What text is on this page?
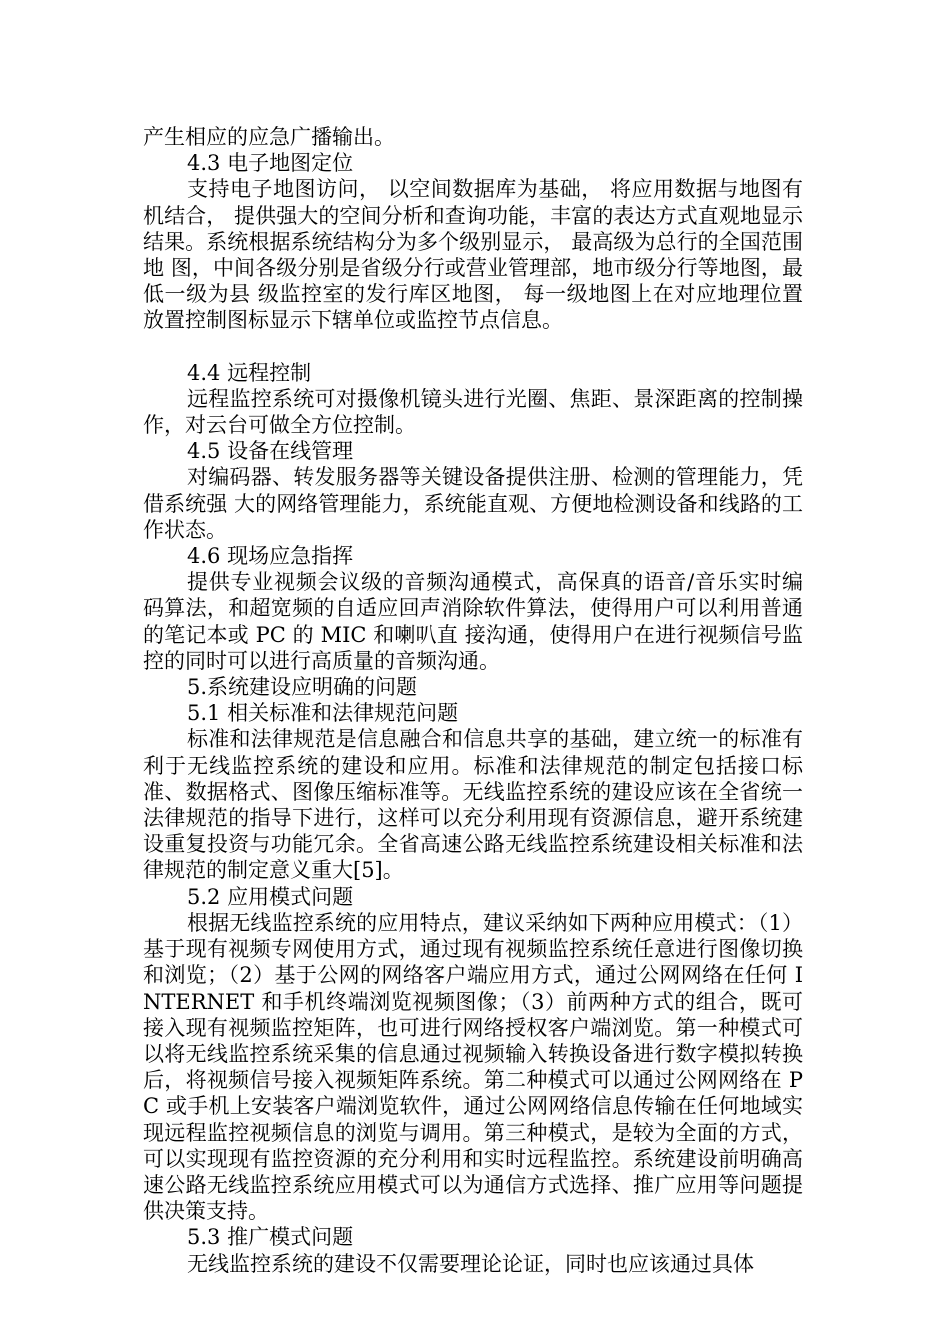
产生相应的应急广播输出。

4.3 电子地图定位

支持电子地图访问， 以空间数据库为基础， 将应用数据与地图有机结合， 提供强大的空间分析和查询功能，丰富的表达方式直观地显示结果。系统根据系统结构分为多个级别显示， 最高级为总行的全国范围地 图，中间各级分别是省级分行或营业管理部，地市级分行等地图，最低一级为县 级监控室的发行库区地图， 每一级地图上在对应地理位置放置控制图标显示下辖单位或监控节点信息。

4.4 远程控制

远程监控系统可对摄像机镜头进行光圈、焦距、景深距离的控制操作，对云台可做全方位控制。

4.5 设备在线管理

对编码器、转发服务器等关键设备提供注册、检测的管理能力，凭借系统强 大的网络管理能力，系统能直观、方便地检测设备和线路的工作状态。

4.6 现场应急指挥

提供专业视频会议级的音频沟通模式，高保真的语音/音乐实时编码算法，和超宽频的自适应回声消除软件算法，使得用户可以利用普通的笔记本或 PC 的 MIC 和喇叭直 接沟通，使得用户在进行视频信号监控的同时可以进行高质量的音频沟通。

5.系统建设应明确的问题

5.1 相关标准和法律规范问题

标准和法律规范是信息融合和信息共享的基础，建立统一的标准有利于无线监控系统的建设和应用。标准和法律规范的制定包括接口标准、数据格式、图像压缩标准等。无线监控系统的建设应该在全省统一法律规范的指导下进行，这样可以充分利用现有资源信息，避开系统建设重复投资与功能冗余。全省高速公路无线监控系统建设相关标准和法律规范的制定意义重大[5]。

5.2 应用模式问题

根据无线监控系统的应用特点，建议采纳如下两种应用模式：（1）基于现有视频专网使用方式，通过现有视频监控系统任意进行图像切换和浏览；（2）基于公网的网络客户端应用方式，通过公网网络在任何 INTERNET 和手机终端浏览视频图像；（3）前两种方式的组合，既可接入现有视频监控矩阵，也可进行网络授权客户端浏览。第一种模式可以将无线监控系统采集的信息通过视频输入转换设备进行数字模拟转换后，将视频信号接入视频矩阵系统。第二种模式可以通过公网网络在 PC 或手机上安装客户端浏览软件，通过公网网络信息传输在任何地域实现远程监控视频信息的浏览与调用。第三种模式，是较为全面的方式，可以实现现有监控资源的充分利用和实时远程监控。系统建设前明确高速公路无线监控系统应用模式可以为通信方式选择、推广应用等问题提供决策支持。

5.3 推广模式问题

无线监控系统的建设不仅需要理论论证，同时也应该通过具体
